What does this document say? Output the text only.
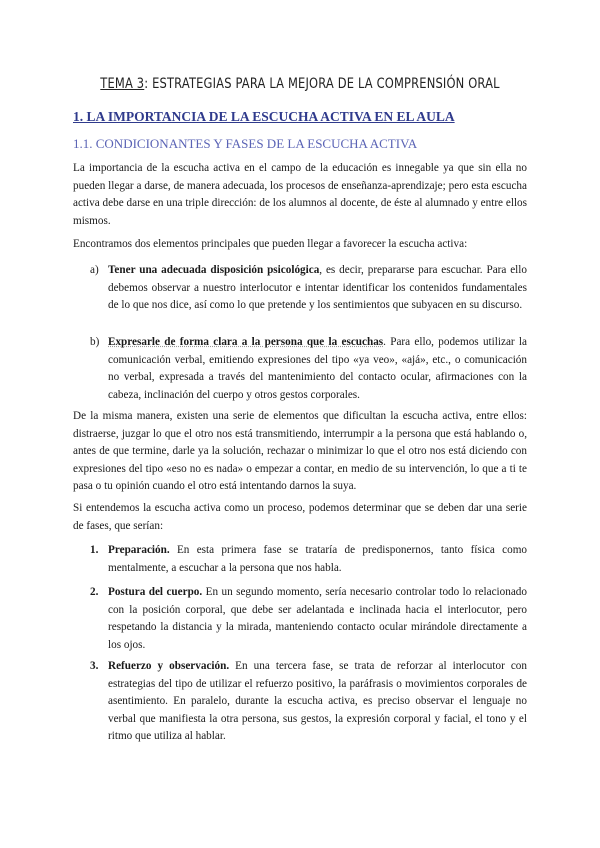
TEMA 3: ESTRATEGIAS PARA LA MEJORA DE LA COMPRENSIÓN ORAL
1. LA IMPORTANCIA DE LA ESCUCHA ACTIVA EN EL AULA
1.1. CONDICIONANTES Y FASES DE LA ESCUCHA ACTIVA

La importancia de la escucha activa en el campo de la educación es innegable ya que sin ella no pueden llegar a darse, de manera adecuada, los procesos de enseñanza-aprendizaje; pero esta escucha activa debe darse en una triple dirección: de los alumnos al docente, de éste al alumnado y entre ellos mismos.

Encontramos dos elementos principales que pueden llegar a favorecer la escucha activa:

a) Tener una adecuada disposición psicológica, es decir, prepararse para escuchar. Para ello debemos observar a nuestro interlocutor e intentar identificar los contenidos fundamentales de lo que nos dice, así como lo que pretende y los sentimientos que subyacen en su discurso.

b) Expresarle de forma clara a la persona que la escuchas. Para ello, podemos utilizar la comunicación verbal, emitiendo expresiones del tipo «ya veo», «ajá», etc., o comunicación no verbal, expresada a través del mantenimiento del contacto ocular, afirmaciones con la cabeza, inclinación del cuerpo y otros gestos corporales.

De la misma manera, existen una serie de elementos que dificultan la escucha activa, entre ellos: distraerse, juzgar lo que el otro nos está transmitiendo, interrumpir a la persona que está hablando o, antes de que termine, darle ya la solución, rechazar o minimizar lo que el otro nos está diciendo con expresiones del tipo «eso no es nada» o empezar a contar, en medio de su intervención, lo que a ti te pasa o tu opinión cuando el otro está intentando darnos la suya.

Si entendemos la escucha activa como un proceso, podemos determinar que se deben dar una serie de fases, que serían:

1. Preparación. En esta primera fase se trataría de predisponernos, tanto física como mentalmente, a escuchar a la persona que nos habla.

2. Postura del cuerpo. En un segundo momento, sería necesario controlar todo lo relacionado con la posición corporal, que debe ser adelantada e inclinada hacia el interlocutor, pero respetando la distancia y la mirada, manteniendo contacto ocular mirándole directamente a los ojos.

3. Refuerzo y observación. En una tercera fase, se trata de reforzar al interlocutor con estrategias del tipo de utilizar el refuerzo positivo, la paráfrasis o movimientos corporales de asentimiento. En paralelo, durante la escucha activa, es preciso observar el lenguaje no verbal que manifiesta la otra persona, sus gestos, la expresión corporal y facial, el tono y el ritmo que utiliza al hablar.
